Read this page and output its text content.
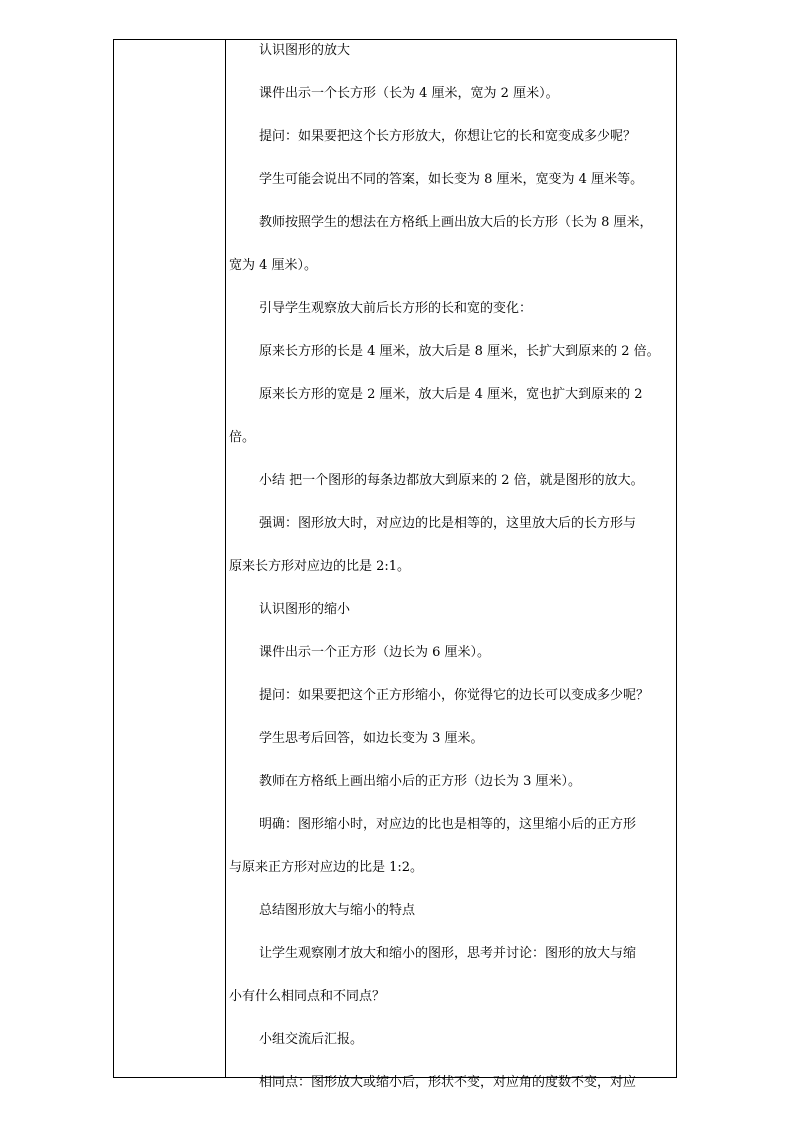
认识图形的放大
课件出示一个长方形（长为 4 厘米，宽为 2 厘米）。
提问：如果要把这个长方形放大，你想让它的长和宽变成多少呢？
学生可能会说出不同的答案，如长变为 8 厘米，宽变为 4 厘米等。
教师按照学生的想法在方格纸上画出放大后的长方形（长为 8 厘米，
宽为 4 厘米）。
引导学生观察放大前后长方形的长和宽的变化：
原来长方形的长是 4 厘米，放大后是 8 厘米，长扩大到原来的 2 倍。
原来长方形的宽是 2 厘米，放大后是 4 厘米，宽也扩大到原来的 2
倍。
小结 把一个图形的每条边都放大到原来的 2 倍，就是图形的放大。
强调：图形放大时，对应边的比是相等的，这里放大后的长方形与
原来长方形对应边的比是 2:1。
认识图形的缩小
课件出示一个正方形（边长为 6 厘米）。
提问：如果要把这个正方形缩小，你觉得它的边长可以变成多少呢？
学生思考后回答，如边长变为 3 厘米。
教师在方格纸上画出缩小后的正方形（边长为 3 厘米）。
明确：图形缩小时，对应边的比也是相等的，这里缩小后的正方形
与原来正方形对应边的比是 1:2。
总结图形放大与缩小的特点
让学生观察刚才放大和缩小的图形，思考并讨论：图形的放大与缩
小有什么相同点和不同点？
小组交流后汇报。
相同点：图形放大或缩小后，形状不变，对应角的度数不变，对应
